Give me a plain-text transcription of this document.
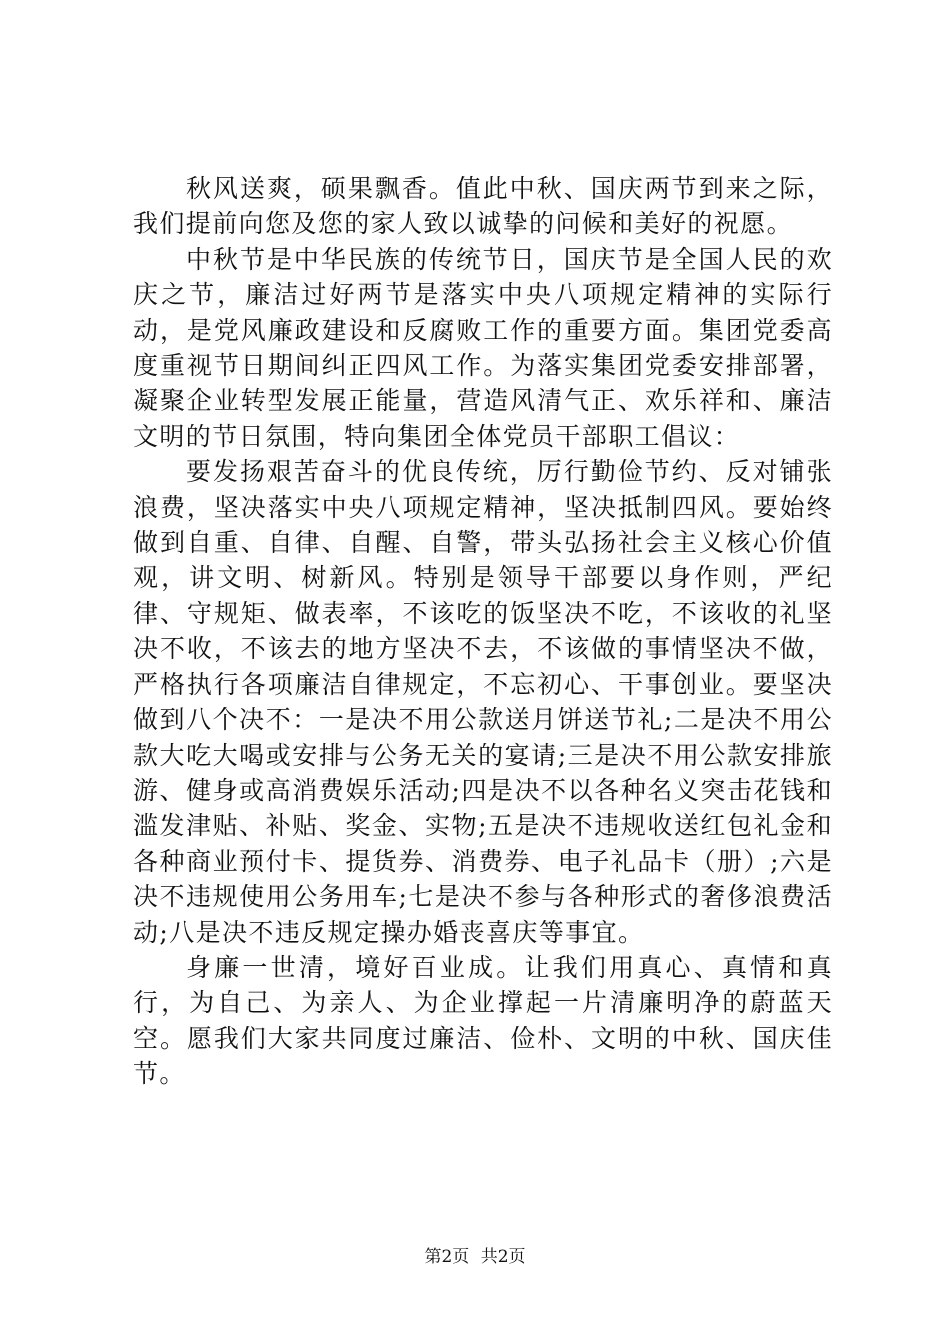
秋风送爽，硕果飘香。值此中秋、国庆两节到来之际，我们提前向您及您的家人致以诚挚的问候和美好的祝愿。

中秋节是中华民族的传统节日，国庆节是全国人民的欢庆之节，廉洁过好两节是落实中央八项规定精神的实际行动，是党风廉政建设和反腐败工作的重要方面。集团党委高度重视节日期间纠正四风工作。为落实集团党委安排部署，凝聚企业转型发展正能量，营造风清气正、欢乐祥和、廉洁文明的节日氛围，特向集团全体党员干部职工倡议：

要发扬艰苦奋斗的优良传统，厉行勤俭节约、反对铺张浪费，坚决落实中央八项规定精神，坚决抵制四风。要始终做到自重、自律、自醒、自警，带头弘扬社会主义核心价值观，讲文明、树新风。特别是领导干部要以身作则，严纪律、守规矩、做表率，不该吃的饭坚决不吃，不该收的礼坚决不收，不该去的地方坚决不去，不该做的事情坚决不做，严格执行各项廉洁自律规定，不忘初心、干事创业。要坚决做到八个决不：一是决不用公款送月饼送节礼;二是决不用公款大吃大喝或安排与公务无关的宴请;三是决不用公款安排旅游、健身或高消费娱乐活动;四是决不以各种名义突击花钱和滥发津贴、补贴、奖金、实物;五是决不违规收送红包礼金和各种商业预付卡、提货券、消费券、电子礼品卡（册）;六是决不违规使用公务用车;七是决不参与各种形式的奢侈浪费活动;八是决不违反规定操办婚丧喜庆等事宜。

身廉一世清，境好百业成。让我们用真心、真情和真行，为自己、为亲人、为企业撑起一片清廉明净的蔚蓝天空。愿我们大家共同度过廉洁、俭朴、文明的中秋、国庆佳节。

第2页 共2页
